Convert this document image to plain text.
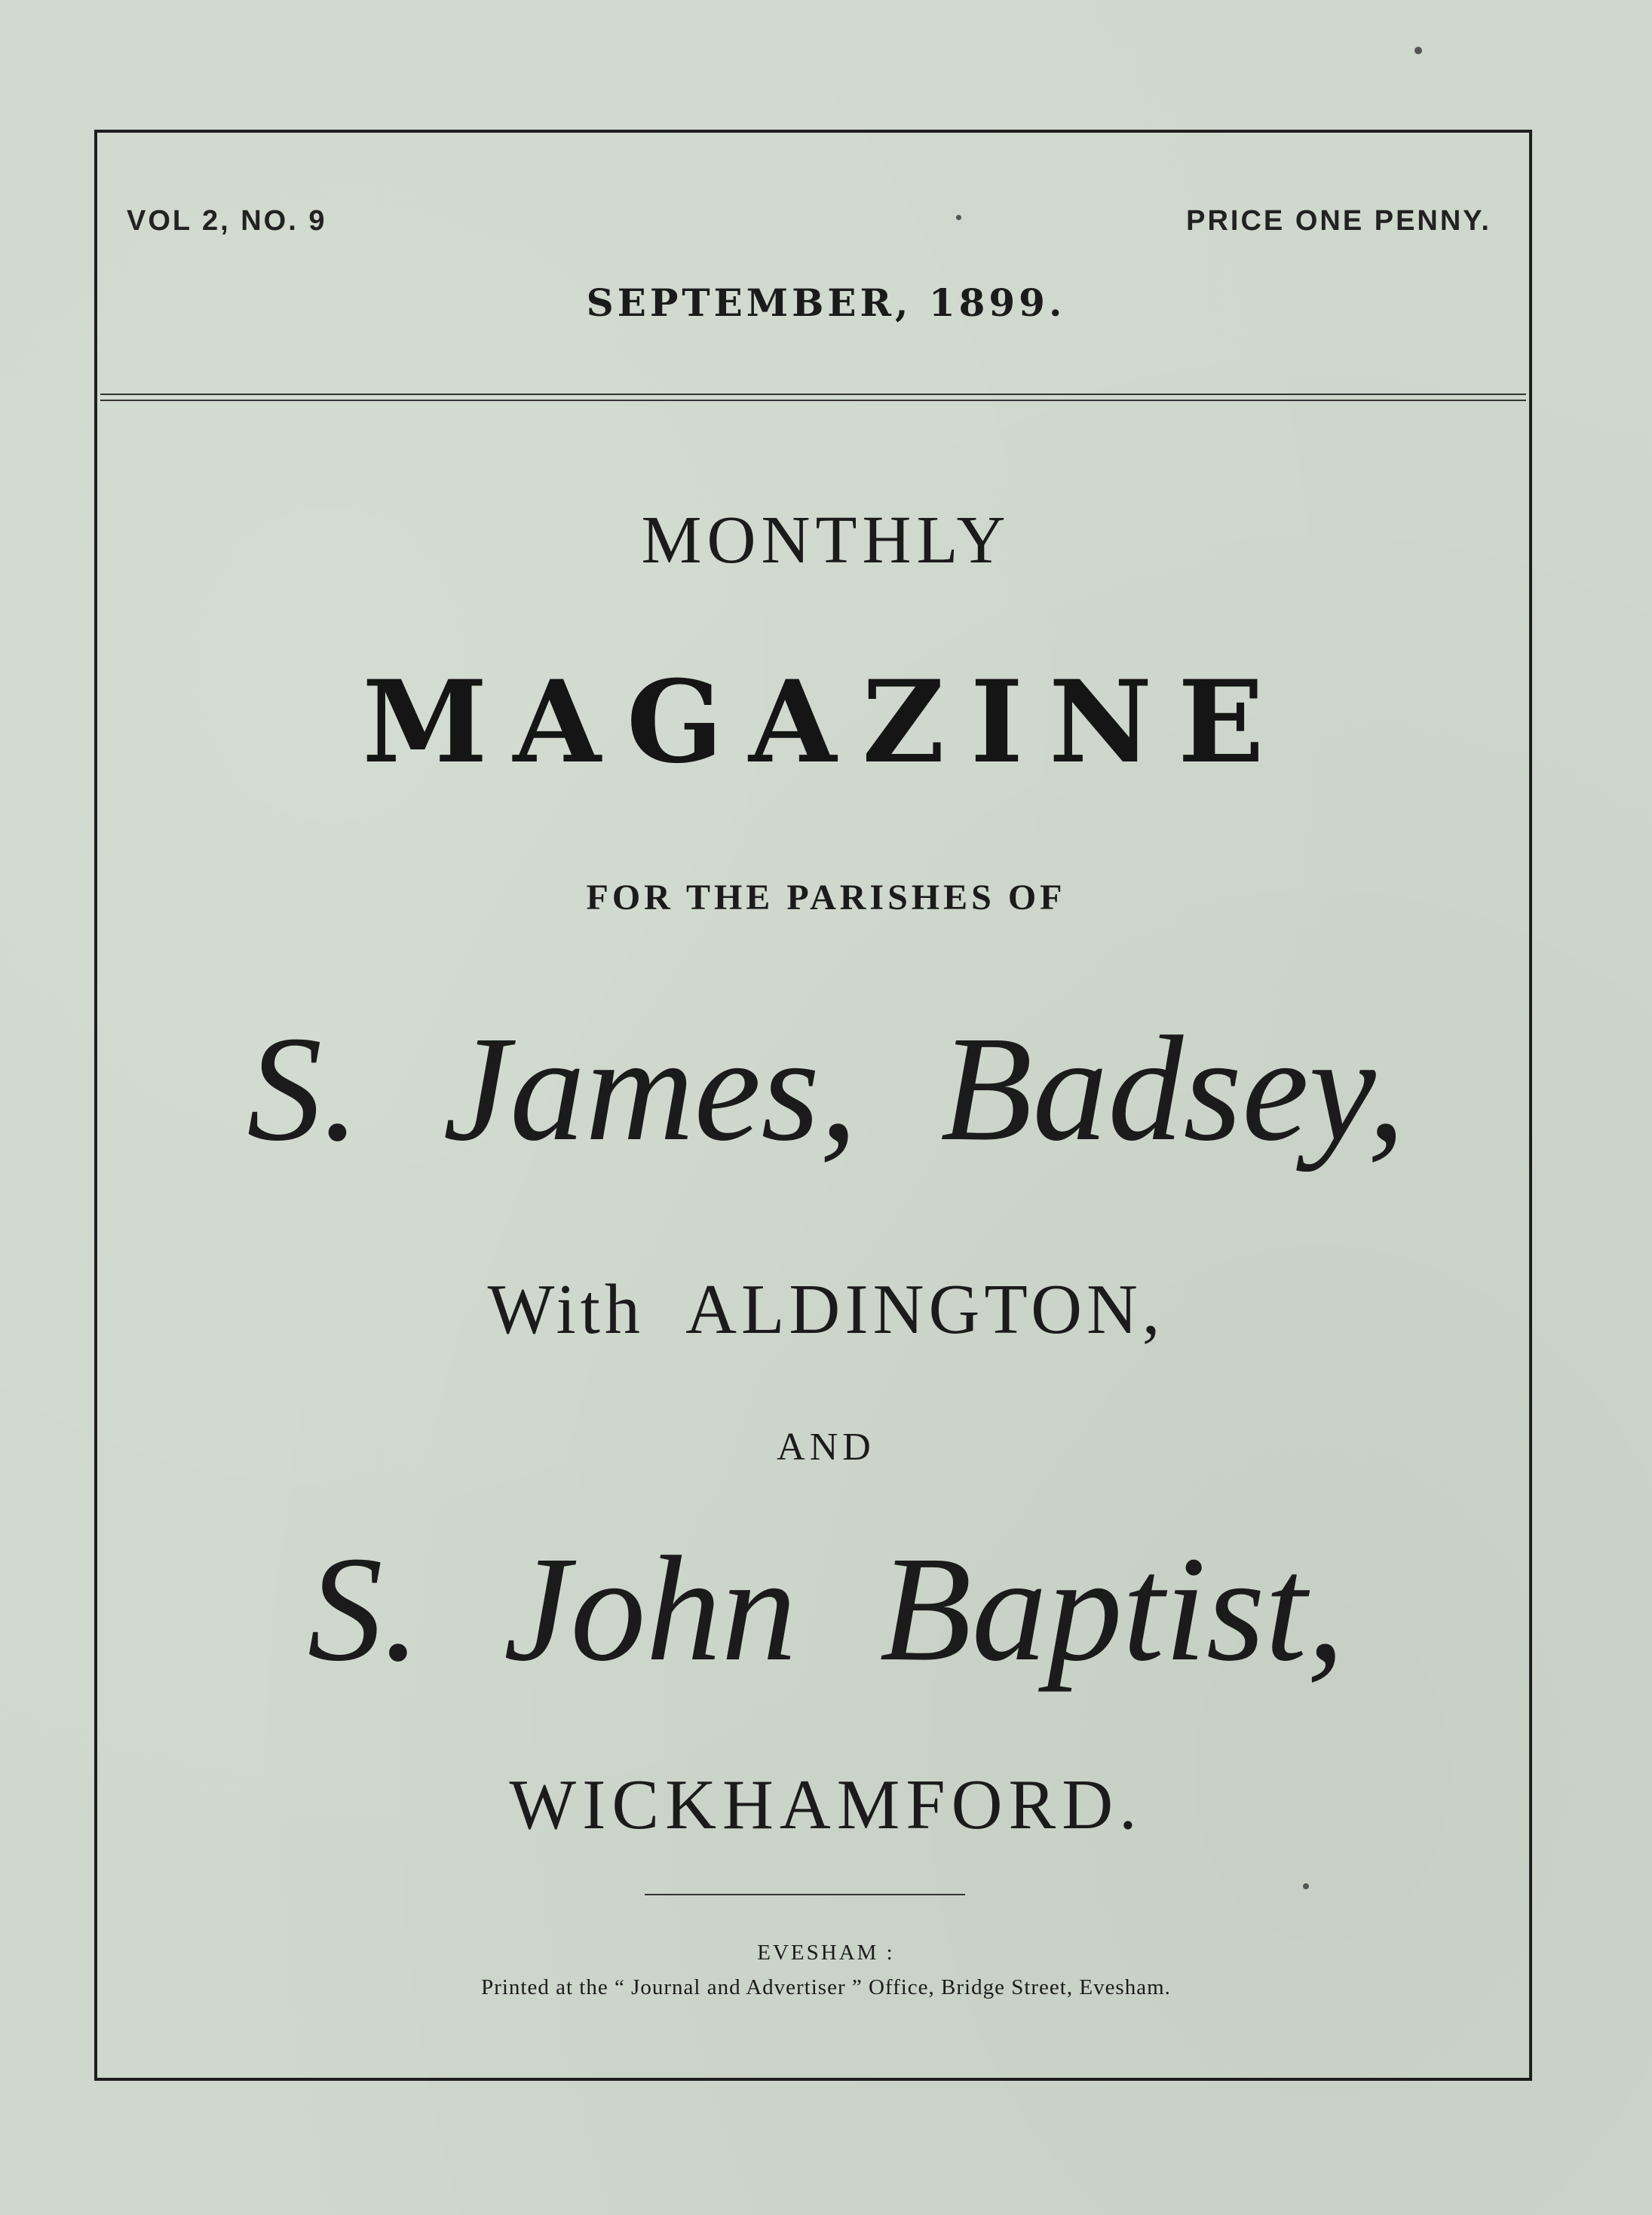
VOL 2, NO. 9	PRICE ONE PENNY.
SEPTEMBER, 1899.
MONTHLY
MAGAZINE
FOR THE PARISHES OF
S. James, Badsey,
With ALDINGTON,
AND
S. John Baptist,
WICKHAMFORD.
EVESHAM :
Printed at the “ Journal and Advertiser ” Office, Bridge Street, Evesham.
